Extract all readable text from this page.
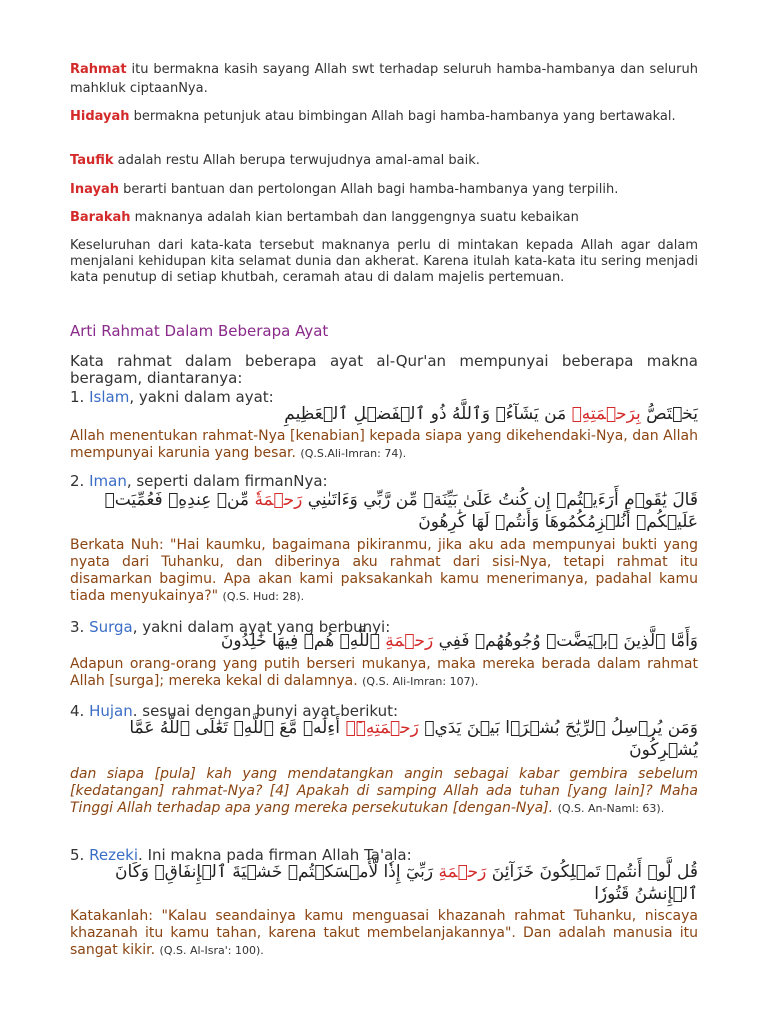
Rahmat itu bermakna kasih sayang Allah swt terhadap seluruh hamba-hambanya dan seluruh mahkluk ciptaanNya.

Hidayah bermakna petunjuk atau bimbingan Allah bagi hamba-hambanya yang bertawakal.

Taufik adalah restu Allah berupa terwujudnya amal-amal baik.

Inayah berarti bantuan dan pertolongan Allah bagi hamba-hambanya yang terpilih.

Barakah maknanya adalah kian bertambah dan langgengnya suatu kebaikan

Keseluruhan dari kata-kata tersebut maknanya perlu di mintakan kepada Allah agar dalam menjalani kehidupan kita selamat dunia dan akherat. Karena itulah kata-kata itu sering menjadi kata penutup di setiap khutbah, ceramah atau di dalam majelis pertemuan.

Arti Rahmat Dalam Beberapa Ayat

Kata rahmat dalam beberapa ayat al-Qur'an mempunyai beberapa makna beragam, diantaranya:

1. Islam, yakni dalam ayat:
يَخۡتَصُّ بِرَحۡمَتِهِۦ مَن يَشَآءُۗ وَٱللَّهُ ذُو ٱلۡفَضۡلِ ٱلۡعَظِيمِ

Allah menentukan rahmat-Nya [kenabian] kepada siapa yang dikehendaki-Nya, dan Allah mempunyai karunia yang besar. (Q.S.Ali-Imran: 74).

2. Iman, seperti dalam firmanNya:
قَالَ يَٰقَوۡمِ أَرَءَيۡتُمۡ إِن كُنتُ عَلَىٰ بَيِّنَةٖ مِّن رَّبِّي وَءَاتَىٰنِي رَحۡمَةٗ مِّنۡ عِندِهِۦ فَعُمِّيَتۡ عَلَيۡكُمۡ أَنُلۡزِمُكُمُوهَا وَأَنتُمۡ لَهَا كَٰرِهُونَ

Berkata Nuh: "Hai kaumku, bagaimana pikiranmu, jika aku ada mempunyai bukti yang nyata dari Tuhanku, dan diberinya aku rahmat dari sisi-Nya, tetapi rahmat itu disamarkan bagimu. Apa akan kami paksakankah kamu menerimanya, padahal kamu tiada menyukainya?" (Q.S. Hud: 28).

3. Surga, yakni dalam ayat yang berbunyi:
وَأَمَّا ٱلَّذِينَ ٱبۡيَضَّتۡ وُجُوهُهُمۡ فَفِي رَحۡمَةِ ٱللَّهِۖ هُمۡ فِيهَا خَٰلِدُونَ

Adapun orang-orang yang putih berseri mukanya, maka mereka berada dalam rahmat Allah [surga]; mereka kekal di dalamnya. (Q.S. Ali-Imran: 107).

4. Hujan. sesuai dengan bunyi ayat berikut:
وَمَن يُرۡسِلُ ٱلرِّيَٰحَ بُشۡرَۢا بَيۡنَ يَدَيۡ رَحۡمَتِهِۦٓۗ أَءِلَٰهٞ مَّعَ ٱللَّهِۚ تَعَٰلَى ٱللَّهُ عَمَّا يُشۡرِكُونَ

dan siapa [pula] kah yang mendatangkan angin sebagai kabar gembira sebelum [kedatangan] rahmat-Nya? [4] Apakah di samping Allah ada tuhan [yang lain]? Maha Tinggi Allah terhadap apa yang mereka persekutukan [dengan-Nya]. (Q.S. An-Naml: 63).

5. Rezeki. Ini makna pada firman Allah Ta'ala:
قُل لَّوۡ أَنتُمۡ تَمۡلِكُونَ خَزَآئِنَ رَحۡمَةِ رَبِّيٓ إِذٗا لَّأَمۡسَكۡتُمۡ خَشۡيَةَ ٱلۡإِنفَاقِۚ وَكَانَ ٱلۡإِنسَٰنُ قَتُورٗا

Katakanlah: "Kalau seandainya kamu menguasai khazanah rahmat Tuhanku, niscaya khazanah itu kamu tahan, karena takut membelanjakannya". Dan adalah manusia itu sangat kikir. (Q.S. Al-Isra': 100).
